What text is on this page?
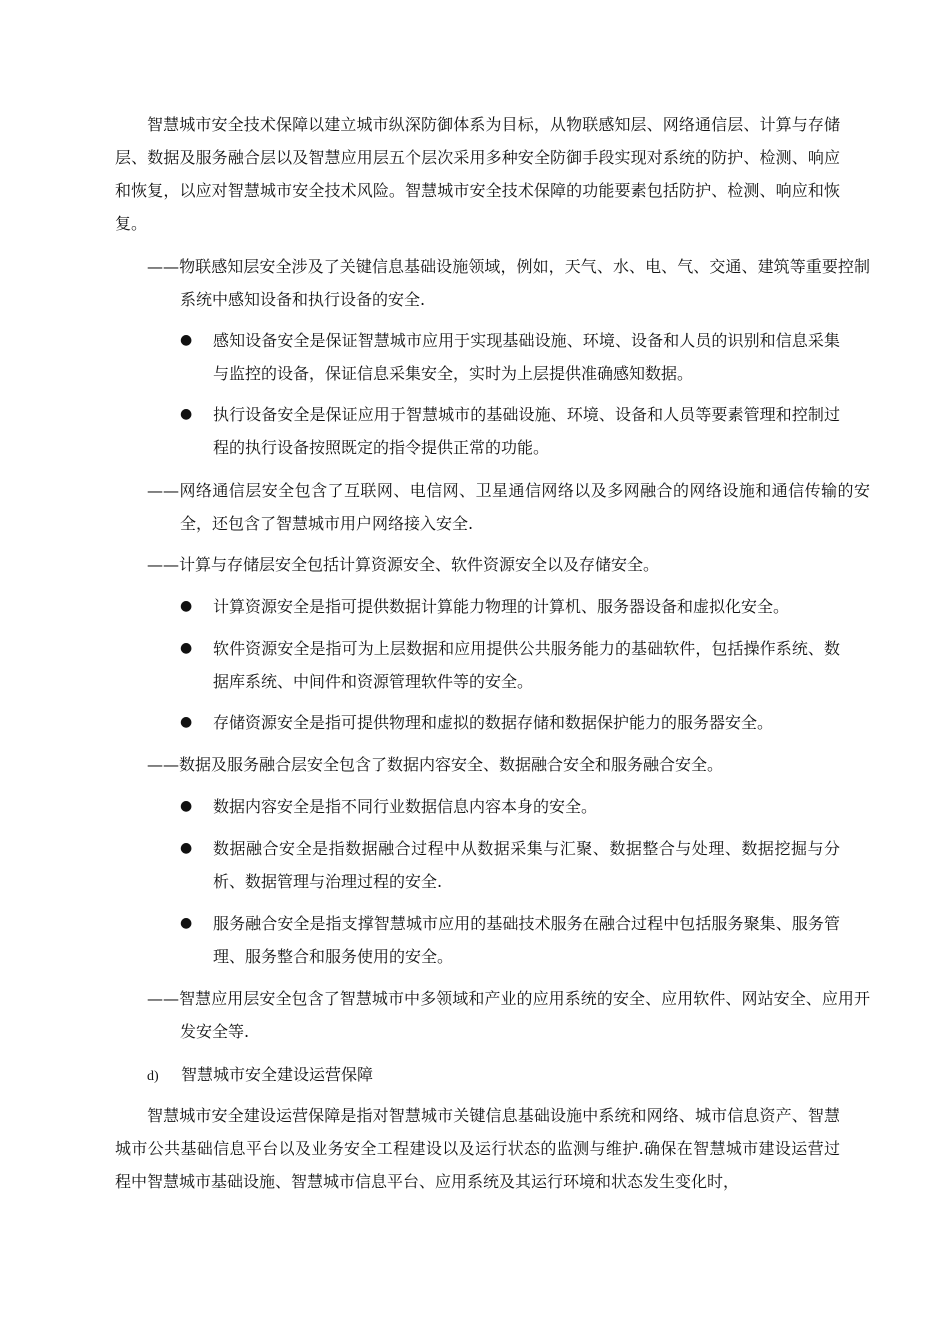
智慧城市安全技术保障以建立城市纵深防御体系为目标，从物联感知层、网络通信层、计算与存储层、数据及服务融合层以及智慧应用层五个层次采用多种安全防御手段实现对系统的防护、检测、响应和恢复，以应对智慧城市安全技术风险。智慧城市安全技术保障的功能要素包括防护、检测、响应和恢复。

——物联感知层安全涉及了关键信息基础设施领域，例如，天气、水、电、气、交通、建筑等重要控制系统中感知设备和执行设备的安全.

●	感知设备安全是保证智慧城市应用于实现基础设施、环境、设备和人员的识别和信息采集与监控的设备，保证信息采集安全，实时为上层提供准确感知数据。
●	执行设备安全是保证应用于智慧城市的基础设施、环境、设备和人员等要素管理和控制过程的执行设备按照既定的指令提供正常的功能。

——网络通信层安全包含了互联网、电信网、卫星通信网络以及多网融合的网络设施和通信传输的安全，还包含了智慧城市用户网络接入安全.

——计算与存储层安全包括计算资源安全、软件资源安全以及存储安全。

●	计算资源安全是指可提供数据计算能力物理的计算机、服务器设备和虚拟化安全。
●	软件资源安全是指可为上层数据和应用提供公共服务能力的基础软件，包括操作系统、数据库系统、中间件和资源管理软件等的安全。
●	存储资源安全是指可提供物理和虚拟的数据存储和数据保护能力的服务器安全。

——数据及服务融合层安全包含了数据内容安全、数据融合安全和服务融合安全。

●	数据内容安全是指不同行业数据信息内容本身的安全。
●	数据融合安全是指数据融合过程中从数据采集与汇聚、数据整合与处理、数据挖掘与分析、数据管理与治理过程的安全.
●	服务融合安全是指支撑智慧城市应用的基础技术服务在融合过程中包括服务聚集、服务管理、服务整合和服务使用的安全。

——智慧应用层安全包含了智慧城市中多领域和产业的应用系统的安全、应用软件、网站安全、应用开发安全等.

d) 智慧城市安全建设运营保障

智慧城市安全建设运营保障是指对智慧城市关键信息基础设施中系统和网络、城市信息资产、智慧城市公共基础信息平台以及业务安全工程建设以及运行状态的监测与维护.确保在智慧城市建设运营过程中智慧城市基础设施、智慧城市信息平台、应用系统及其运行环境和状态发生变化时，
